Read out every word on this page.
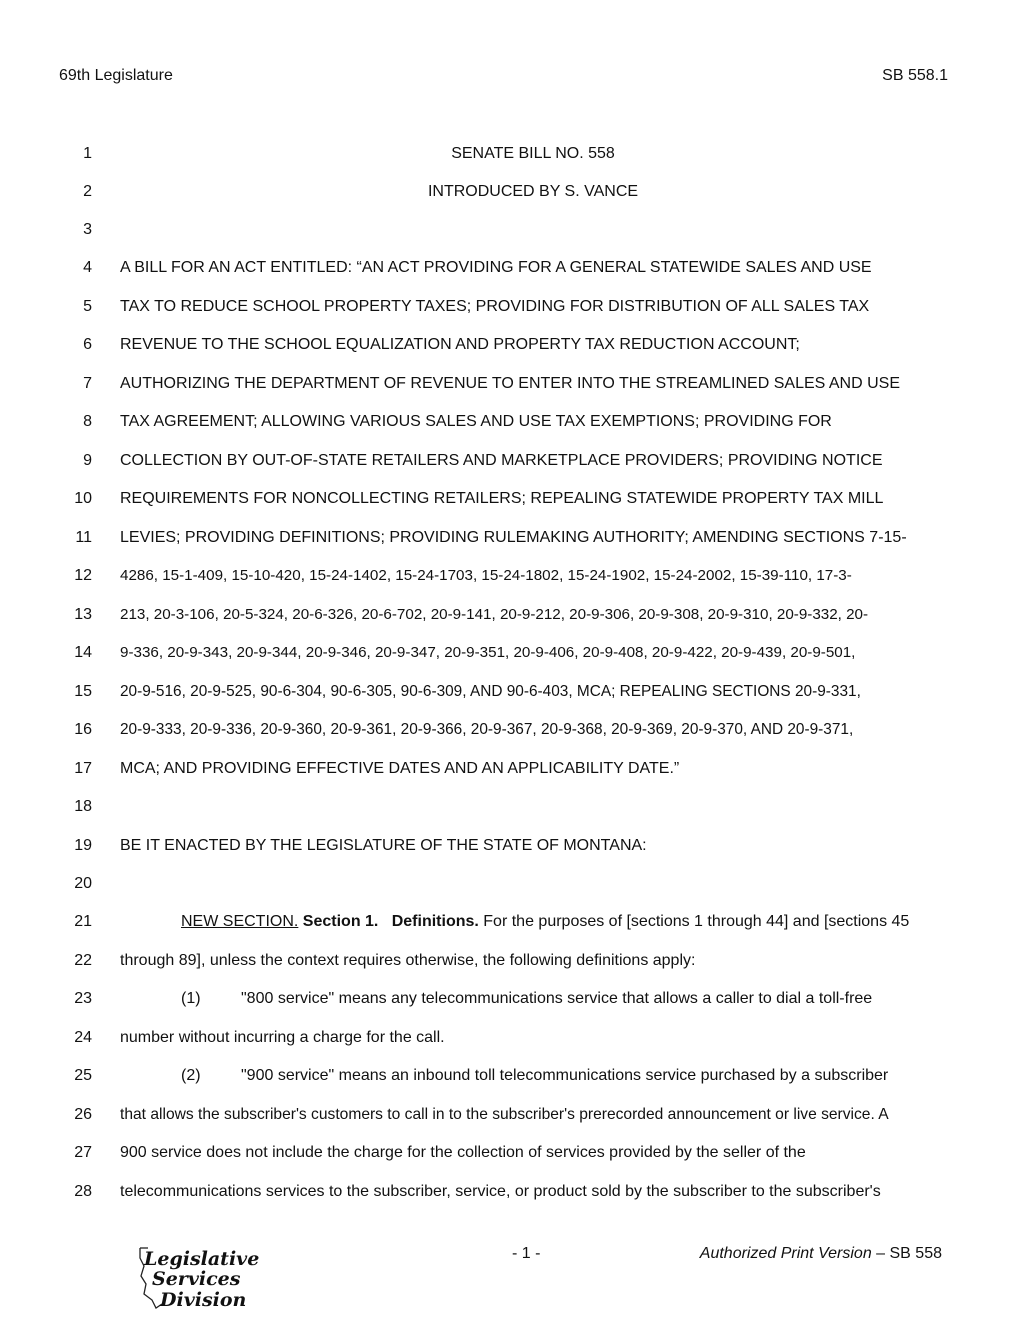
69th Legislature	SB 558.1
1	SENATE BILL NO. 558
2	INTRODUCED BY S. VANCE
3
4 A BILL FOR AN ACT ENTITLED: “AN ACT PROVIDING FOR A GENERAL STATEWIDE SALES AND USE
5 TAX TO REDUCE SCHOOL PROPERTY TAXES; PROVIDING FOR DISTRIBUTION OF ALL SALES TAX
6 REVENUE TO THE SCHOOL EQUALIZATION AND PROPERTY TAX REDUCTION ACCOUNT;
7 AUTHORIZING THE DEPARTMENT OF REVENUE TO ENTER INTO THE STREAMLINED SALES AND USE
8 TAX AGREEMENT; ALLOWING VARIOUS SALES AND USE TAX EXEMPTIONS; PROVIDING FOR
9 COLLECTION BY OUT-OF-STATE RETAILERS AND MARKETPLACE PROVIDERS; PROVIDING NOTICE
10 REQUIREMENTS FOR NONCOLLECTING RETAILERS; REPEALING STATEWIDE PROPERTY TAX MILL
11 LEVIES; PROVIDING DEFINITIONS; PROVIDING RULEMAKING AUTHORITY; AMENDING SECTIONS 7-15-
12 4286, 15-1-409, 15-10-420, 15-24-1402, 15-24-1703, 15-24-1802, 15-24-1902, 15-24-2002, 15-39-110, 17-3-
13 213, 20-3-106, 20-5-324, 20-6-326, 20-6-702, 20-9-141, 20-9-212, 20-9-306, 20-9-308, 20-9-310, 20-9-332, 20-
14 9-336, 20-9-343, 20-9-344, 20-9-346, 20-9-347, 20-9-351, 20-9-406, 20-9-408, 20-9-422, 20-9-439, 20-9-501,
15 20-9-516, 20-9-525, 90-6-304, 90-6-305, 90-6-309, AND 90-6-403, MCA; REPEALING SECTIONS 20-9-331,
16 20-9-333, 20-9-336, 20-9-360, 20-9-361, 20-9-366, 20-9-367, 20-9-368, 20-9-369, 20-9-370, AND 20-9-371,
17 MCA; AND PROVIDING EFFECTIVE DATES AND AN APPLICABILITY DATE.”
18
19 BE IT ENACTED BY THE LEGISLATURE OF THE STATE OF MONTANA:
20
21	NEW SECTION. Section 1. Definitions. For the purposes of [sections 1 through 44] and [sections 45
22 through 89], unless the context requires otherwise, the following definitions apply:
23	(1)	"800 service" means any telecommunications service that allows a caller to dial a toll-free
24 number without incurring a charge for the call.
25	(2)	"900 service" means an inbound toll telecommunications service purchased by a subscriber
26 that allows the subscriber's customers to call in to the subscriber's prerecorded announcement or live service. A
27 900 service does not include the charge for the collection of services provided by the seller of the
28 telecommunications services to the subscriber, service, or product sold by the subscriber to the subscriber's
Legislative
Services
Division
- 1 -	Authorized Print Version – SB 558
